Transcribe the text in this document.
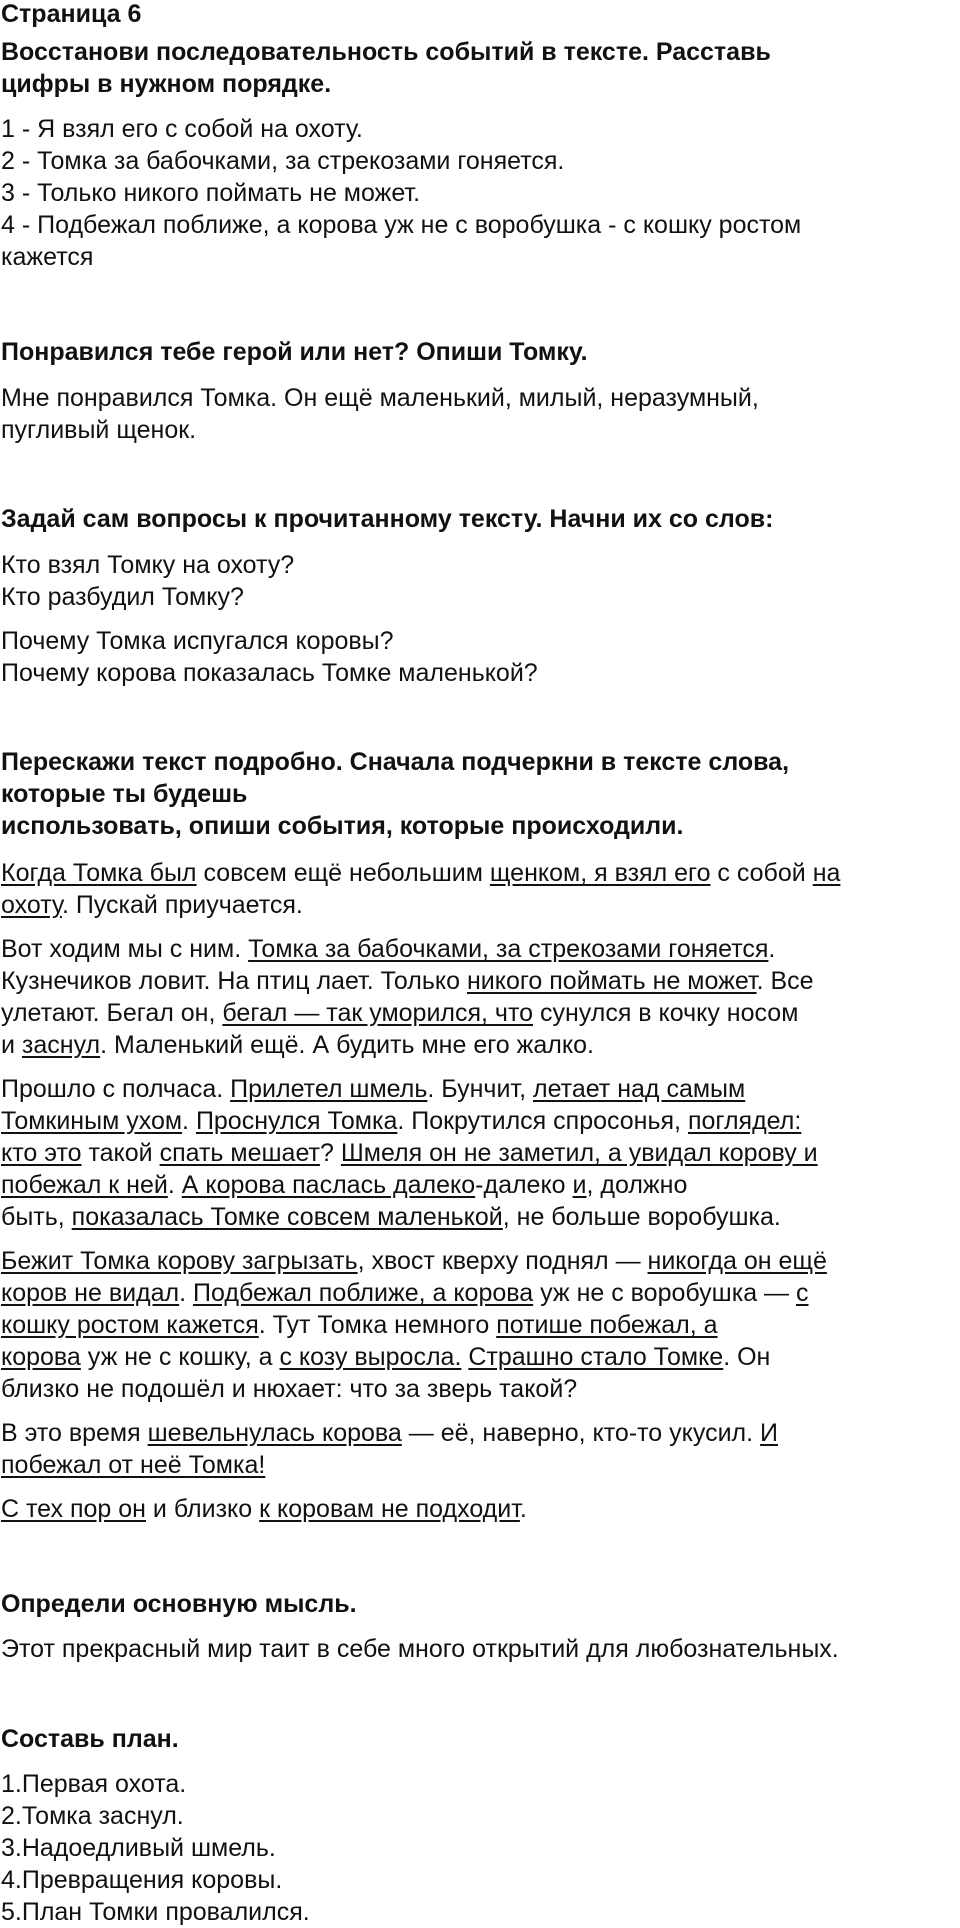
Страница 6
Восстанови последовательность событий в тексте. Расставь
цифры в нужном порядке.
1 - Я взял его с собой на охоту.
2 - Томка за бабочками, за стрекозами гоняется.
3 - Только никого поймать не может.
4 - Подбежал поближе, а корова уж не с воробушка - с кошку ростом
кажется
Понравился тебе герой или нет? Опиши Томку.
Мне понравился Томка. Он ещё маленький, милый, неразумный,
пугливый щенок.
Задай сам вопросы к прочитанному тексту. Начни их со слов:
Кто взял Томку на охоту?
Кто разбудил Томку?
Почему Томка испугался коровы?
Почему корова показалась Томке маленькой?
Перескажи текст подробно. Сначала подчеркни в тексте слова,
которые ты будешь
использовать, опиши события, которые происходили.
Когда Томка был совсем ещё небольшим щенком, я взял его с собой на
охоту. Пускай приучается.
Вот ходим мы с ним. Томка за бабочками, за стрекозами гоняется.
Кузнечиков ловит. На птиц лает. Только никого поймать не может. Все
улетают. Бегал он, бегал — так уморился, что сунулся в кочку носом
и заснул. Маленький ещё. А будить мне его жалко.
Прошло с полчаса. Прилетел шмель. Бунчит, летает над самым
Томкиным ухом. Проснулся Томка. Покрутился спросонья, поглядел:
кто это такой спать мешает? Шмеля он не заметил, а увидал корову и
побежал к ней. А корова паслась далеко-далеко и, должно
быть, показалась Томке совсем маленькой, не больше воробушка.
Бежит Томка корову загрызать, хвост кверху поднял — никогда он ещё
коров не видал. Подбежал поближе, а корова уж не с воробушка — с
кошку ростом кажется. Тут Томка немного потише побежал, а
корова уж не с кошку, а с козу выросла. Страшно стало Томке. Он
близко не подошёл и нюхает: что за зверь такой?
В это время шевельнулась корова — её, наверно, кто-то укусил. И
побежал от неё Томка!
С тех пор он и близко к коровам не подходит.
Определи основную мысль.
Этот прекрасный мир таит в себе много открытий для любознательных.
Составь план.
1.Первая охота.
2.Томка заснул.
3.Надоедливый шмель.
4.Превращения коровы.
5.План Томки провалился.
